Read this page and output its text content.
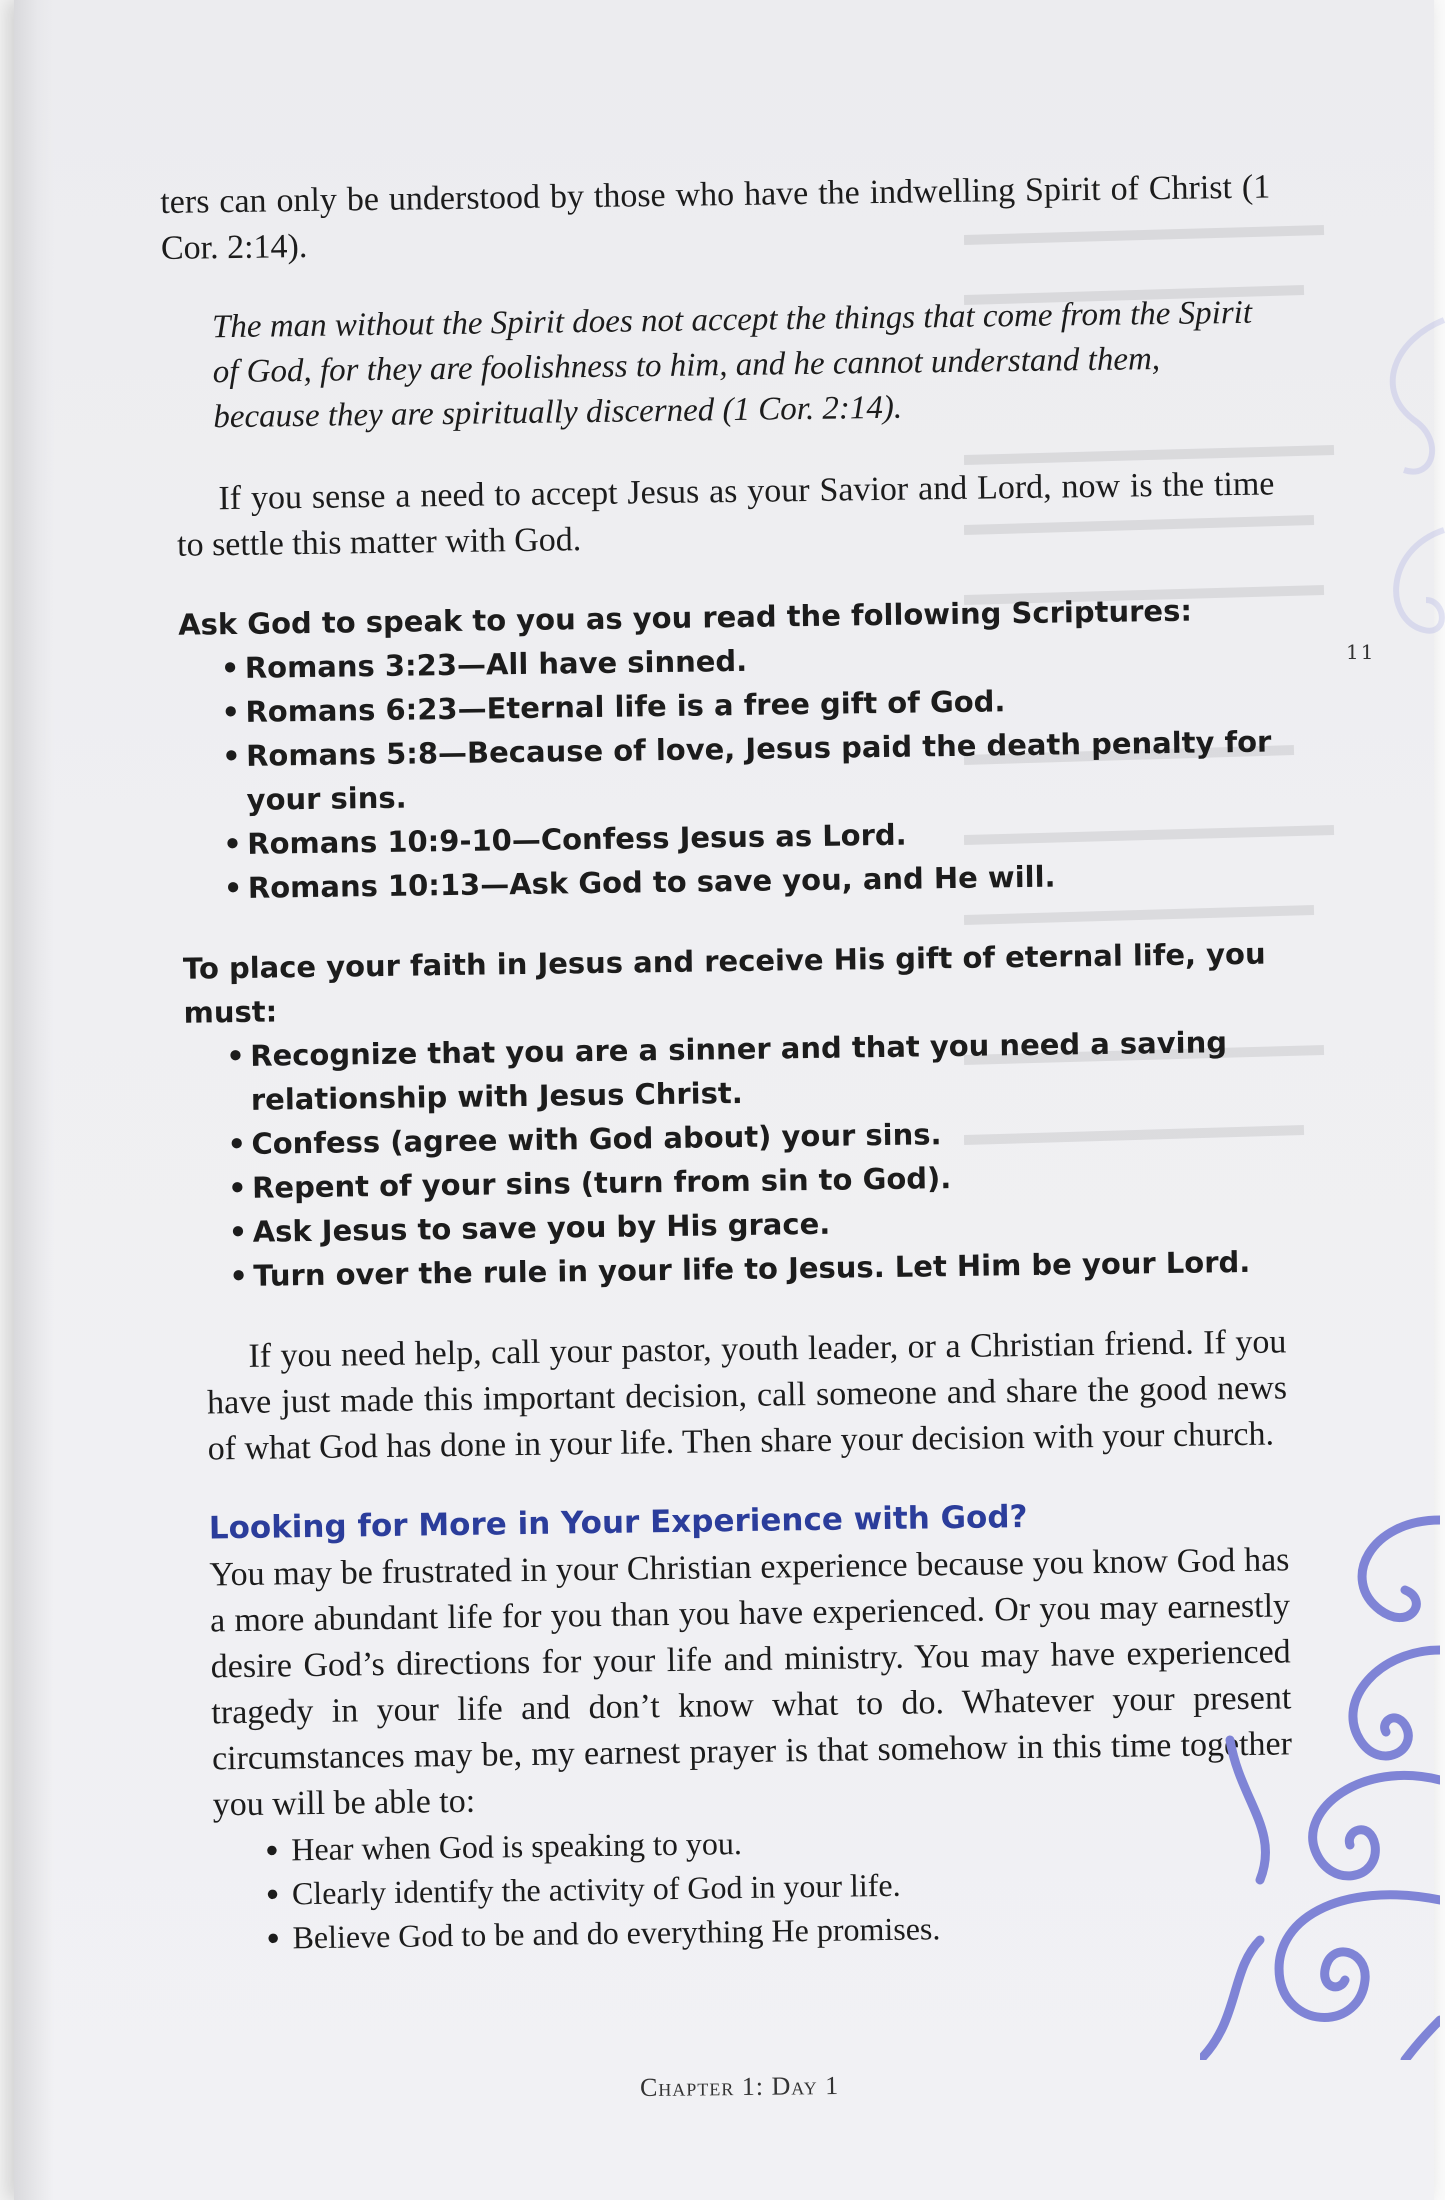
11

ters can only be understood by those who have the indwelling Spirit of Christ (1 Cor. 2:14).

The man without the Spirit does not accept the things that come from the Spirit of God, for they are foolishness to him, and he cannot understand them, because they are spiritually discerned (1 Cor. 2:14).

If you sense a need to accept Jesus as your Savior and Lord, now is the time to settle this matter with God.

Ask God to speak to you as you read the following Scriptures:

• Romans 3:23—All have sinned.
• Romans 6:23—Eternal life is a free gift of God.
• Romans 5:8—Because of love, Jesus paid the death penalty for your sins.
• Romans 10:9-10—Confess Jesus as Lord.
• Romans 10:13—Ask God to save you, and He will.

To place your faith in Jesus and receive His gift of eternal life, you must:

• Recognize that you are a sinner and that you need a saving relationship with Jesus Christ.
• Confess (agree with God about) your sins.
• Repent of your sins (turn from sin to God).
• Ask Jesus to save you by His grace.
• Turn over the rule in your life to Jesus. Let Him be your Lord.

If you need help, call your pastor, youth leader, or a Christian friend. If you have just made this important decision, call someone and share the good news of what God has done in your life. Then share your decision with your church.

Looking for More in Your Experience with God?

You may be frustrated in your Christian experience because you know God has a more abundant life for you than you have experienced. Or you may earnestly desire God’s directions for your life and ministry. You may have experienced tragedy in your life and don’t know what to do. Whatever your present circumstances may be, my earnest prayer is that somehow in this time together you will be able to:

● Hear when God is speaking to you.
● Clearly identify the activity of God in your life.
● Believe God to be and do everything He promises.
Chapter 1: Day 1
